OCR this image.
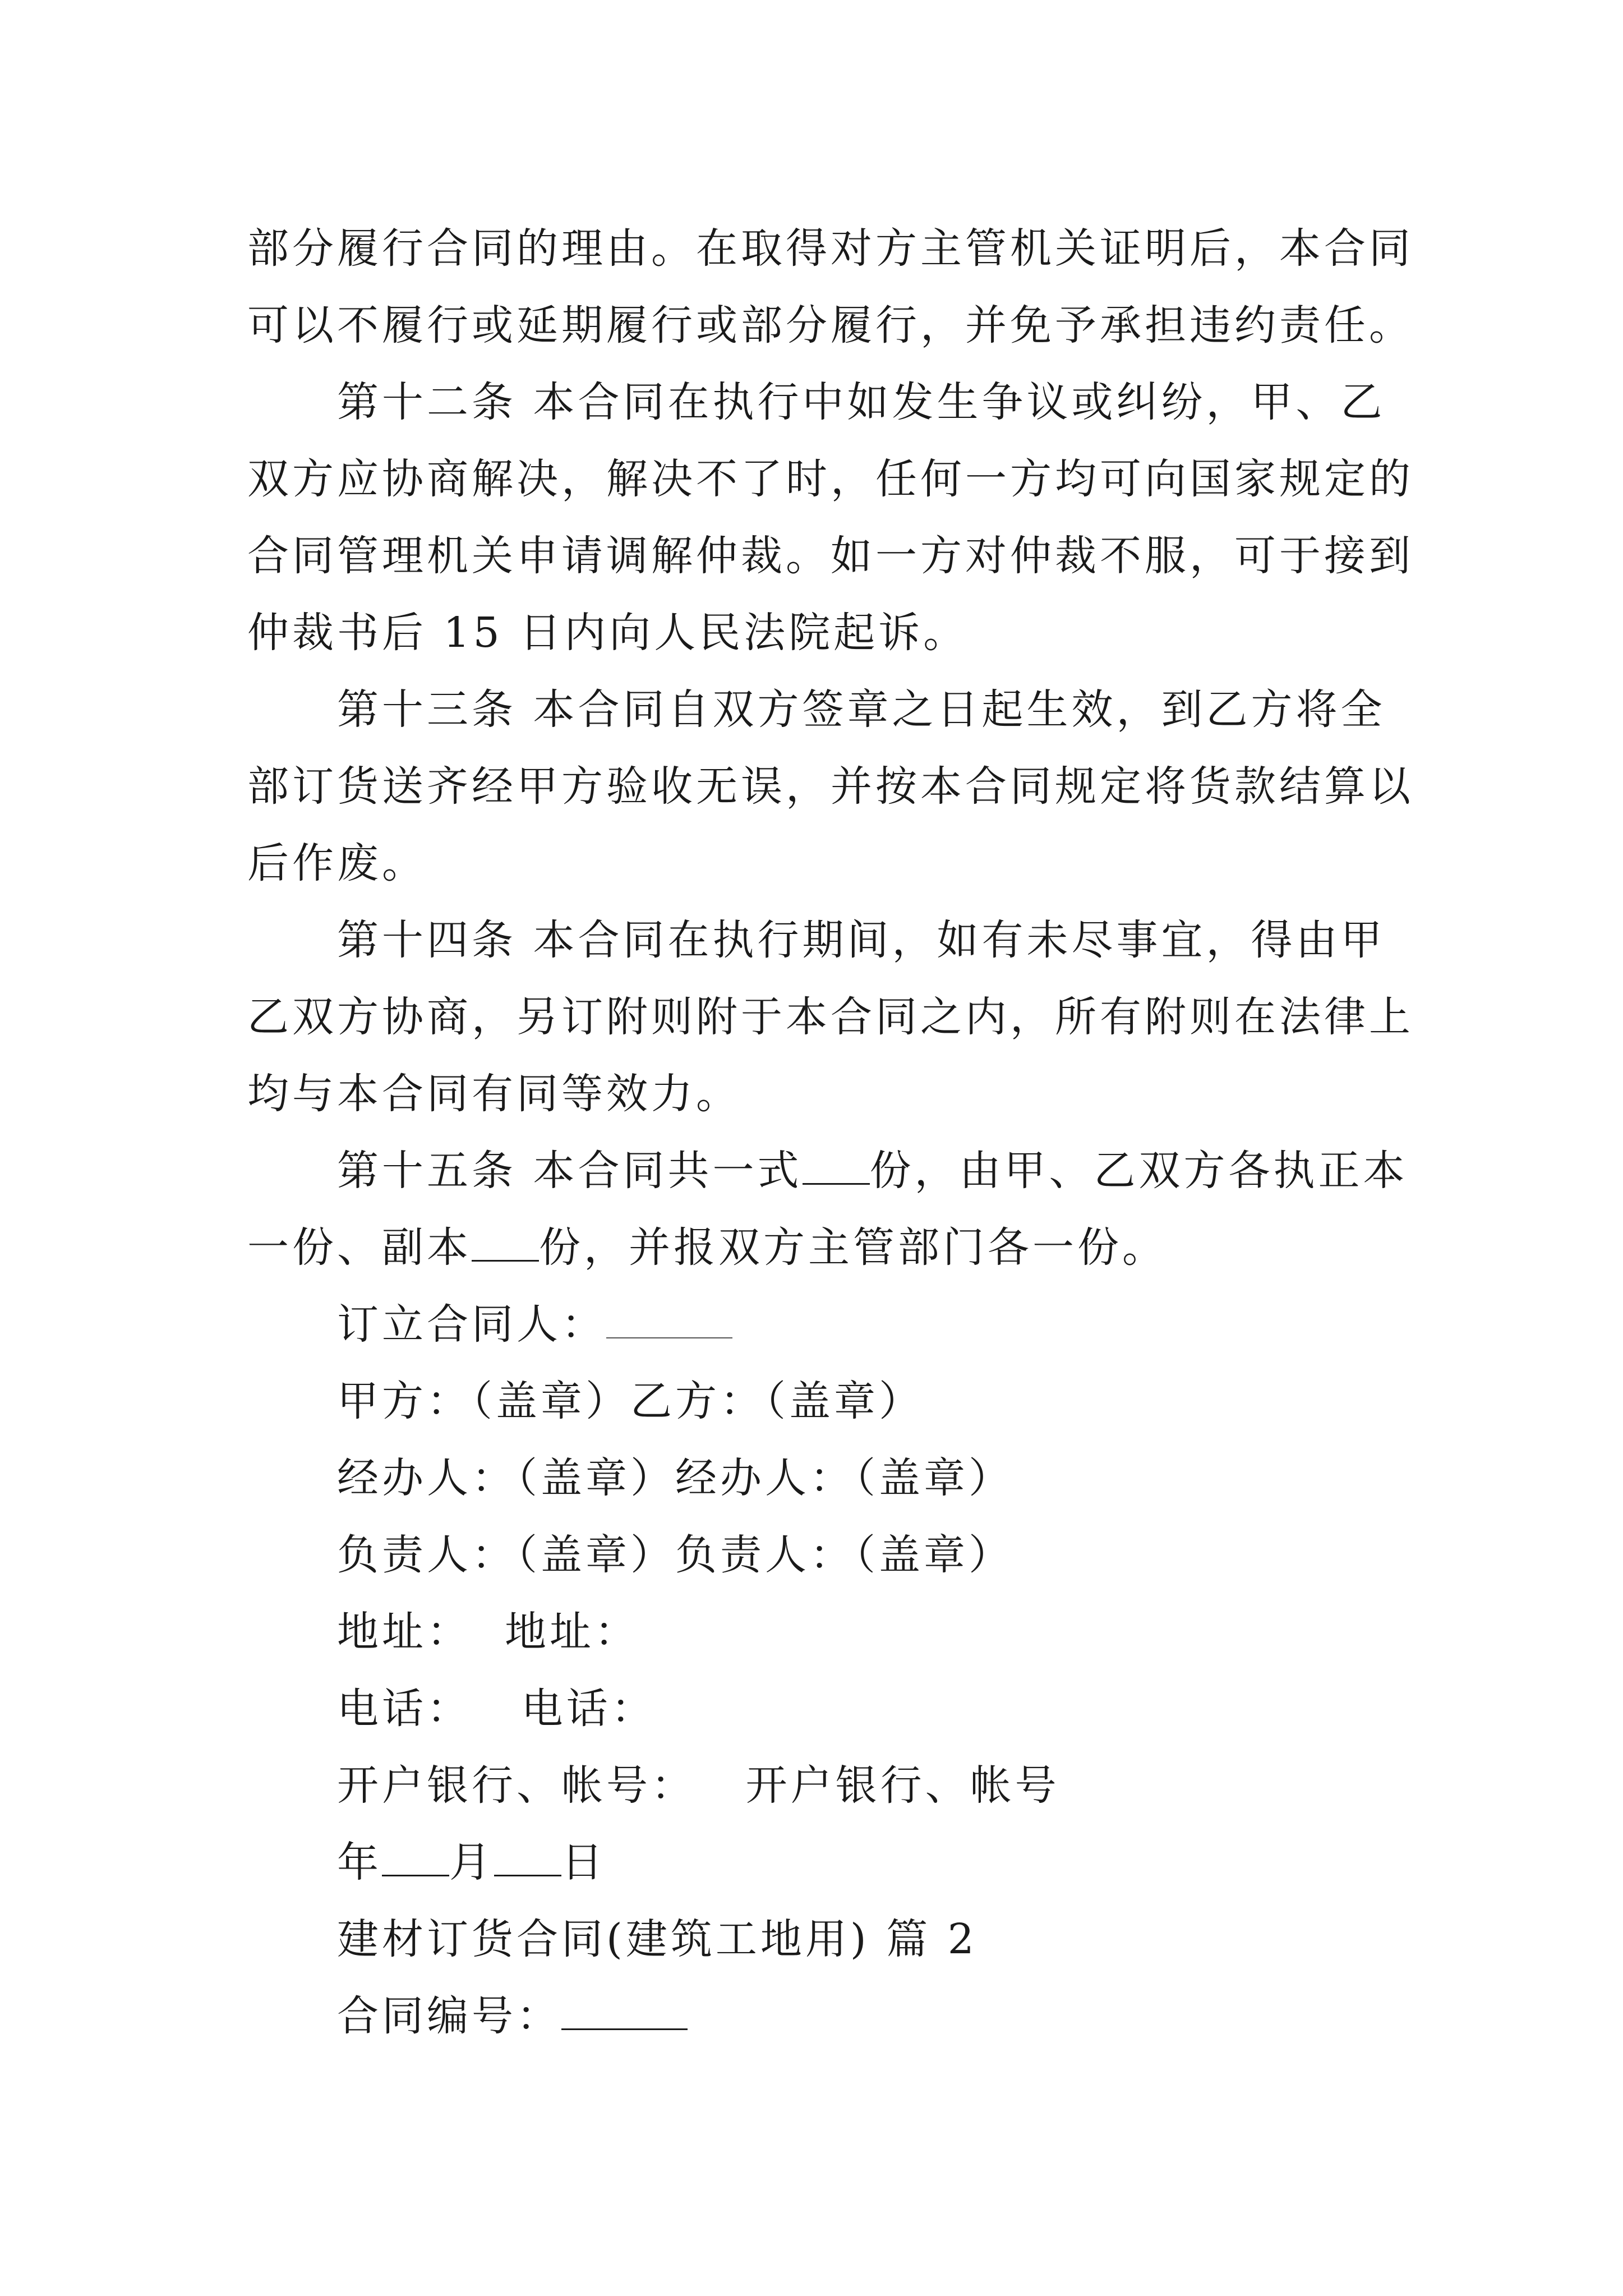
部分履行合同的理由。在取得对方主管机关证明后，本合同
可以不履行或延期履行或部分履行，并免予承担违约责任。
第十二条 本合同在执行中如发生争议或纠纷，甲、乙
双方应协商解决，解决不了时，任何一方均可向国家规定的
合同管理机关申请调解仲裁。如一方对仲裁不服，可于接到
仲裁书后 15 日内向人民法院起诉。
第十三条 本合同自双方签章之日起生效，到乙方将全
部订货送齐经甲方验收无误，并按本合同规定将货款结算以
后作废。
第十四条 本合同在执行期间，如有未尽事宜，得由甲
乙双方协商，另订附则附于本合同之内，所有附则在法律上
均与本合同有同等效力。
第十五条 本合同共一式 份，由甲、乙双方各执正本
一份、副本 份，并报双方主管部门各一份。
订立合同人：
甲方：（盖章）乙方：（盖章）
经办人：（盖章）经办人：（盖章）
负责人：（盖章）负责人：（盖章）
地址：  地址：
电话：   电话：
开户银行、帐号：   开户银行、帐号
年 月 日
建材订货合同(建筑工地用) 篇 2
合同编号：
